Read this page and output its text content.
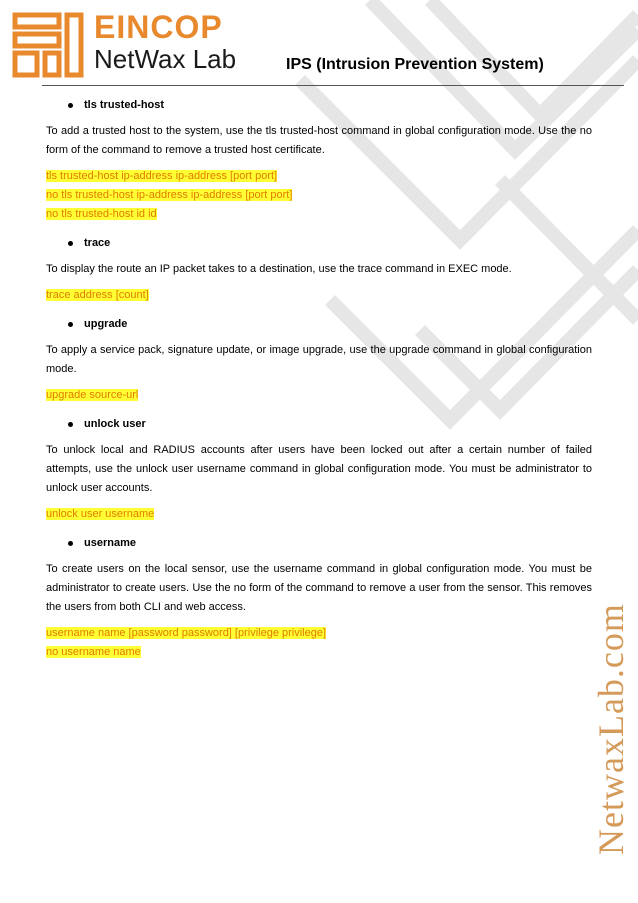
EINCOP
NetWax Lab	IPS (Intrusion Prevention System)
NetwaxLab.com
tls trusted-host

To add a trusted host to the system, use the tls trusted-host command in global configuration mode. Use the no form of the command to remove a trusted host certificate.

tls trusted-host ip-address ip-address [port port]
no tls trusted-host ip-address ip-address [port port]
no tls trusted-host id id
trace

To display the route an IP packet takes to a destination, use the trace command in EXEC mode.

trace address [count]
upgrade

To apply a service pack, signature update, or image upgrade, use the upgrade command in global configuration mode.

upgrade source-url
unlock user

To unlock local and RADIUS accounts after users have been locked out after a certain number of failed attempts, use the unlock user username command in global configuration mode. You must be administrator to unlock user accounts.

unlock user username
username

To create users on the local sensor, use the username command in global configuration mode. You must be administrator to create users. Use the no form of the command to remove a user from the sensor. This removes the users from both CLI and web access.

username name [password password] [privilege privilege]
no username name
